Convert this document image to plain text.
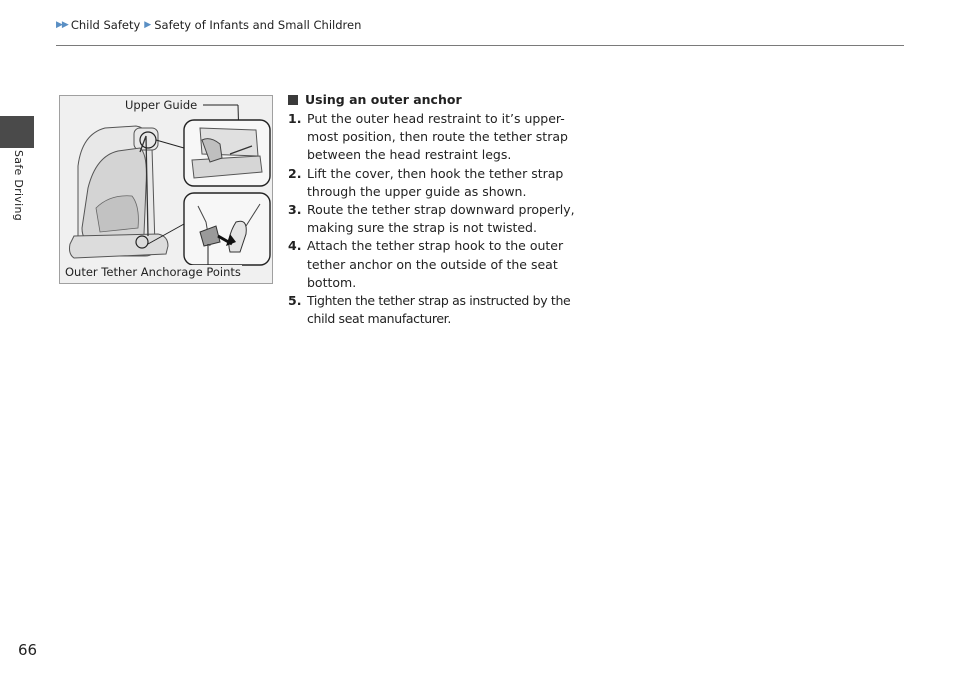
▶ ▶ Child Safety ▶ Safety of Infants and Small Children
Safe Driving
Upper Guide
Outer Tether Anchorage Points
Using an outer anchor
1. Put the outer head restraint to it’s upper-most position, then route the tether strap between the head restraint legs.
2. Lift the cover, then hook the tether strap through the upper guide as shown.
3. Route the tether strap downward properly, making sure the strap is not twisted.
4. Attach the tether strap hook to the outer tether anchor on the outside of the seat bottom.
5. Tighten the tether strap as instructed by the child seat manufacturer.
66
